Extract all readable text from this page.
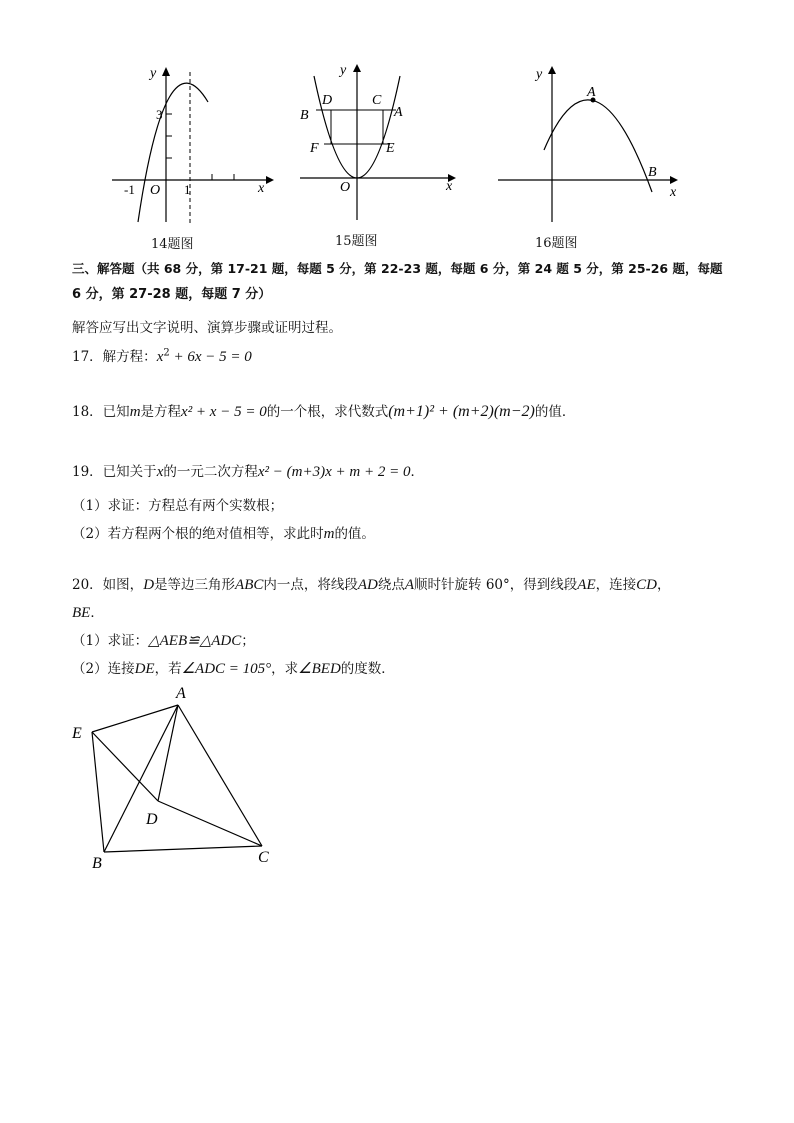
y
x
O
-1	1
3
14题图
y
x
O
D	C
A
B
F	E
15题图
y
x
A
B
16题图
三、解答题（共 68 分，第 17-21 题，每题 5 分，第 22-23 题，每题 6 分，第 24 题 5 分，第 25-26 题，每题
6 分，第 27-28 题，每题 7 分）
解答应写出文字说明、演算步骤或证明过程。
17．解方程：$x^2 + 6x - 5 = 0$
18．已知m是方程x² + x − 5 = 0的一个根，求代数式(m+1)² + (m+2)(m−2)的值．
19．已知关于x的一元二次方程x² − (m+3)x + m + 2 = 0．
（1）求证：方程总有两个实数根；
（2）若方程两个根的绝对值相等，求此时m的值。
20．如图，D是等边三角形ABC内一点，将线段AD绕点A顺时针旋转 60°，得到线段AE，连接CD，
BE．
（1）求证：△AEB≌△ADC；
（2）连接DE，若∠ADC = 105°，求∠BED的度数．
A
E
D
B	C
